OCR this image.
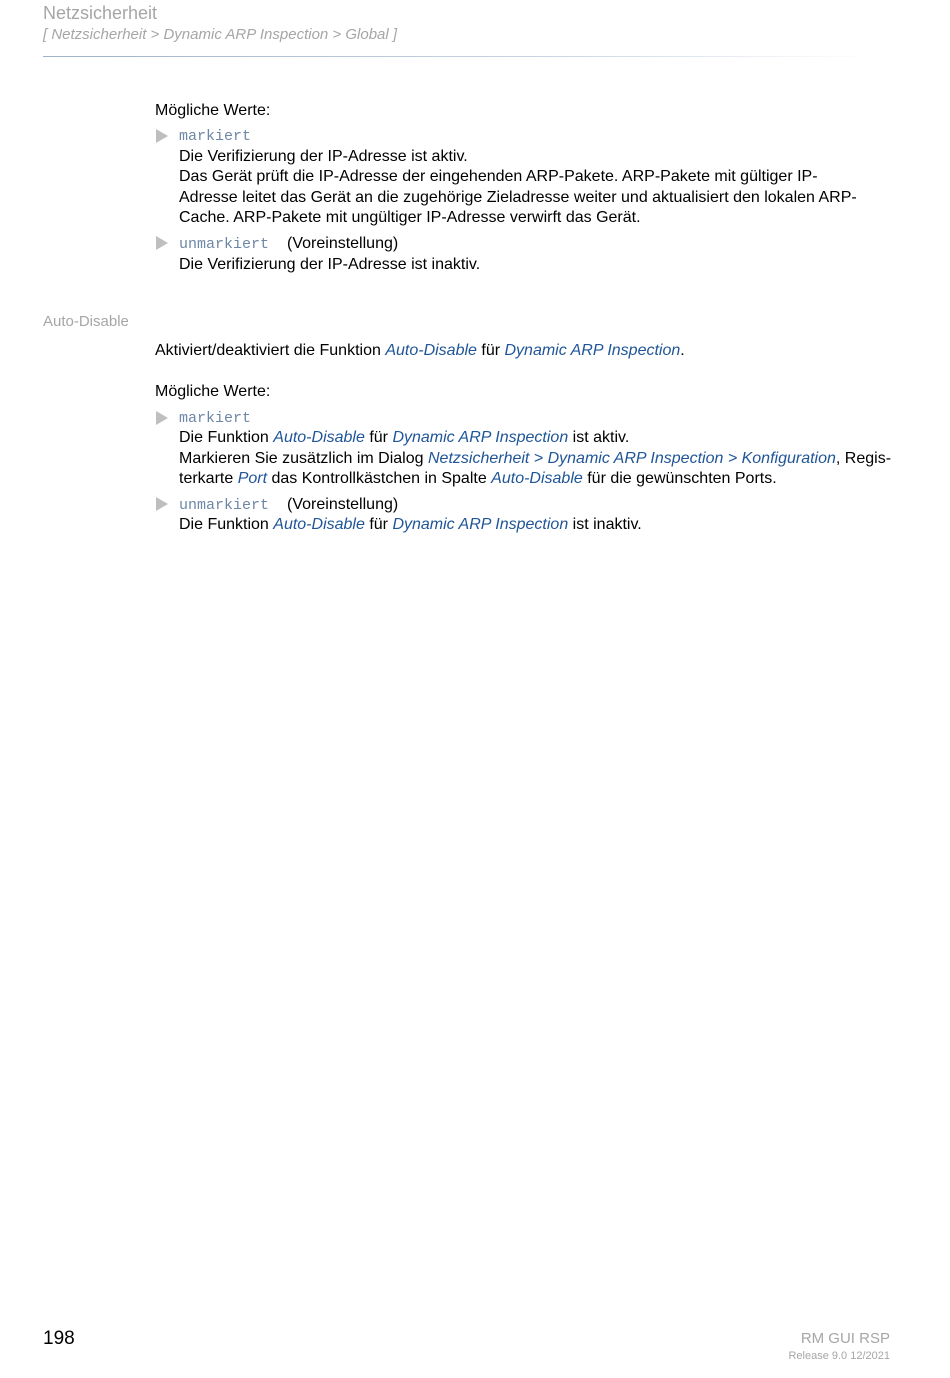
Netzsicherheit
[ Netzsicherheit > Dynamic ARP Inspection > Global ]
Mögliche Werte:
markiert
Die Verifizierung der IP-Adresse ist aktiv.
Das Gerät prüft die IP-Adresse der eingehenden ARP-Pakete. ARP-Pakete mit gültiger IP-
Adresse leitet das Gerät an die zugehörige Zieladresse weiter und aktualisiert den lokalen ARP-
Cache. ARP-Pakete mit ungültiger IP-Adresse verwirft das Gerät.
unmarkiert (Voreinstellung)
Die Verifizierung der IP-Adresse ist inaktiv.
Auto-Disable
Aktiviert/deaktiviert die Funktion Auto-Disable für Dynamic ARP Inspection.
Mögliche Werte:
markiert
Die Funktion Auto-Disable für Dynamic ARP Inspection ist aktiv.
Markieren Sie zusätzlich im Dialog Netzsicherheit > Dynamic ARP Inspection > Konfiguration, Regis-
terkarte Port das Kontrollkästchen in Spalte Auto-Disable für die gewünschten Ports.
unmarkiert (Voreinstellung)
Die Funktion Auto-Disable für Dynamic ARP Inspection ist inaktiv.
198	RM GUI RSP
Release 9.0 12/2021
